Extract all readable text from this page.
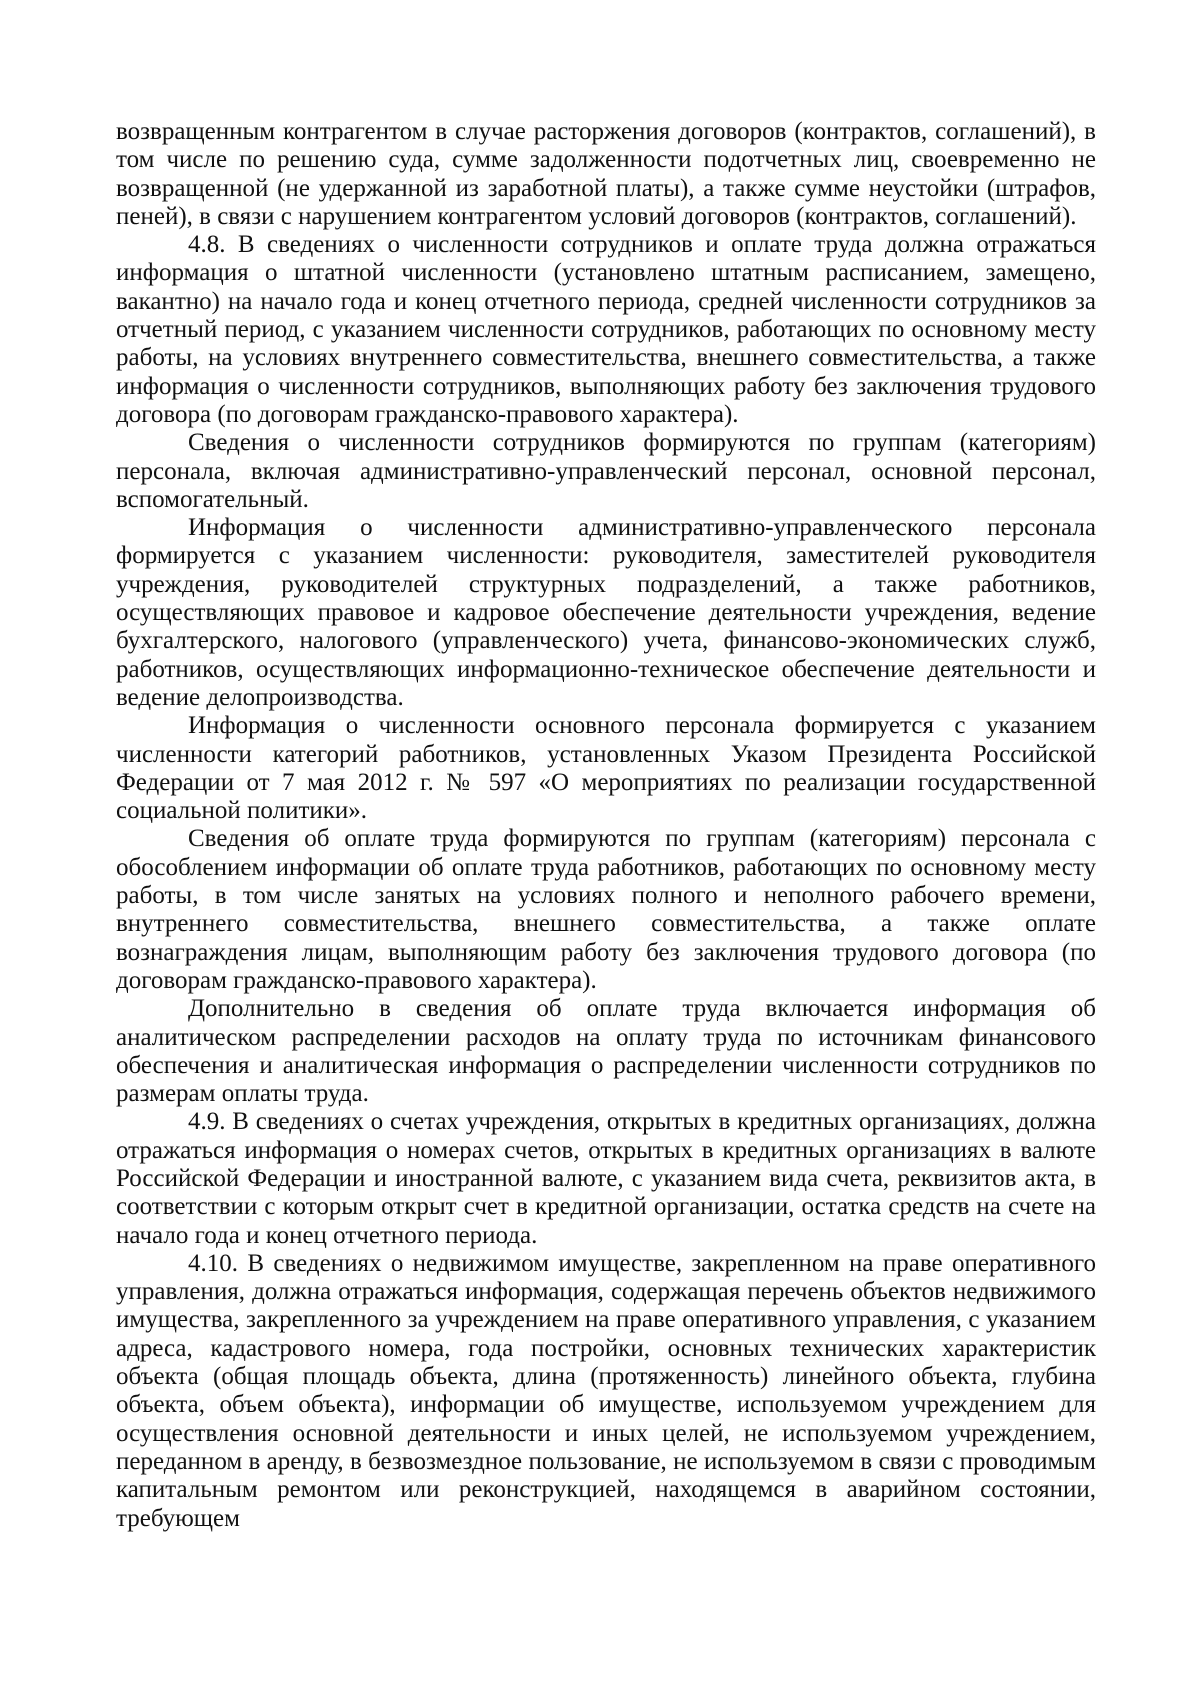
возвращенным контрагентом в случае расторжения договоров (контрактов, соглашений), в том числе по решению суда, сумме задолженности подотчетных лиц, своевременно не возвращенной (не удержанной из заработной платы), а также сумме неустойки (штрафов, пеней), в связи с нарушением контрагентом условий договоров (контрактов, соглашений).

4.8. В сведениях о численности сотрудников и оплате труда должна отражаться информация о штатной численности (установлено штатным расписанием, замещено, вакантно) на начало года и конец отчетного периода, средней численности сотрудников за отчетный период, с указанием численности сотрудников, работающих по основному месту работы, на условиях внутреннего совместительства, внешнего совместительства, а также информация о численности сотрудников, выполняющих работу без заключения трудового договора (по договорам гражданско-правового характера).

Сведения о численности сотрудников формируются по группам (категориям) персонала, включая административно-управленческий персонал, основной персонал, вспомогательный.

Информация о численности административно-управленческого персонала формируется с указанием численности: руководителя, заместителей руководителя учреждения, руководителей структурных подразделений, а также работников, осуществляющих правовое и кадровое обеспечение деятельности учреждения, ведение бухгалтерского, налогового (управленческого) учета, финансово-экономических служб, работников, осуществляющих информационно-техническое обеспечение деятельности и ведение делопроизводства.

Информация о численности основного персонала формируется с указанием численности категорий работников, установленных Указом Президента Российской Федерации от 7 мая 2012 г. № 597 «О мероприятиях по реализации государственной социальной политики».

Сведения об оплате труда формируются по группам (категориям) персонала с обособлением информации об оплате труда работников, работающих по основному месту работы, в том числе занятых на условиях полного и неполного рабочего времени, внутреннего совместительства, внешнего совместительства, а также оплате вознаграждения лицам, выполняющим работу без заключения трудового договора (по договорам гражданско-правового характера).

Дополнительно в сведения об оплате труда включается информация об аналитическом распределении расходов на оплату труда по источникам финансового обеспечения и аналитическая информация о распределении численности сотрудников по размерам оплаты труда.

4.9. В сведениях о счетах учреждения, открытых в кредитных организациях, должна отражаться информация о номерах счетов, открытых в кредитных организациях в валюте Российской Федерации и иностранной валюте, с указанием вида счета, реквизитов акта, в соответствии с которым открыт счет в кредитной организации, остатка средств на счете на начало года и конец отчетного периода.

4.10. В сведениях о недвижимом имуществе, закрепленном на праве оперативного управления, должна отражаться информация, содержащая перечень объектов недвижимого имущества, закрепленного за учреждением на праве оперативного управления, с указанием адреса, кадастрового номера, года постройки, основных технических характеристик объекта (общая площадь объекта, длина (протяженность) линейного объекта, глубина объекта, объем объекта), информации об имуществе, используемом учреждением для осуществления основной деятельности и иных целей, не используемом учреждением, переданном в аренду, в безвозмездное пользование, не используемом в связи с проводимым капитальным ремонтом или реконструкцией, находящемся в аварийном состоянии, требующем
